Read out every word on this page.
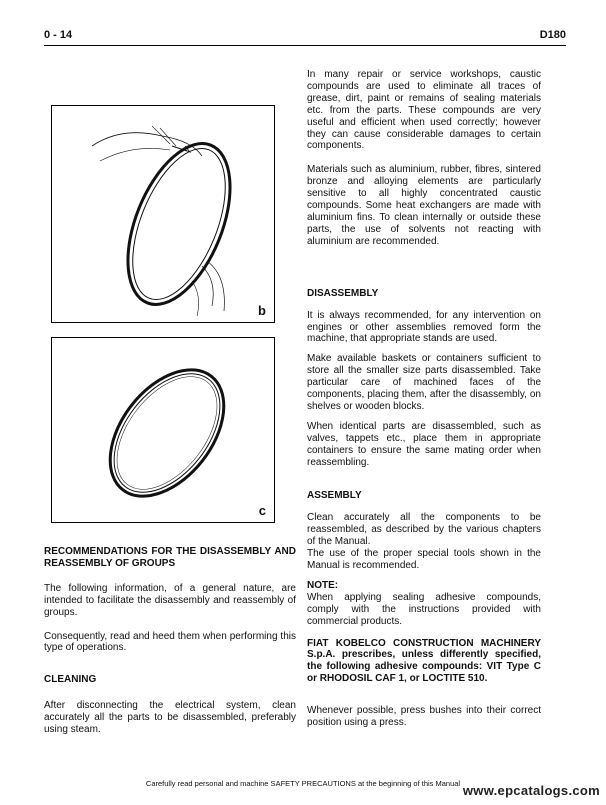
0 - 14	D180
b
c
RECOMMENDATIONS FOR THE DISASSEMBLY AND REASSEMBLY OF GROUPS

The following information, of a general nature, are intended to facilitate the disassembly and reassembly of groups.

Consequently, read and heed them when performing this type of operations.

CLEANING

After disconnecting the electrical system, clean accurately all the parts to be disassembled, preferably using steam.

In many repair or service workshops, caustic compounds are used to eliminate all traces of grease, dirt, paint or remains of sealing materials etc. from the parts. These compounds are very useful and efficient when used correctly; however they can cause considerable damages to certain components.

Materials such as aluminium, rubber, fibres, sintered bronze and alloying elements are particularly sensitive to all highly concentrated caustic compounds. Some heat exchangers are made with aluminium fins. To clean internally or outside these parts, the use of solvents not reacting with aluminium are recommended.

DISASSEMBLY

It is always recommended, for any intervention on engines or other assemblies removed form the machine, that appropriate stands are used.

Make available baskets or containers sufficient to store all the smaller size parts disassembled. Take particular care of machined faces of the components, placing them, after the disassembly, on shelves or wooden blocks.

When identical parts are disassembled, such as valves, tappets etc., place them in appropriate containers to ensure the same mating order when reassembling.

ASSEMBLY

Clean accurately all the components to be reassembled, as described by the various chapters of the Manual.

The use of the proper special tools shown in the Manual is recommended.

NOTE:

When applying sealing adhesive compounds, comply with the instructions provided with commercial products.

FIAT KOBELCO CONSTRUCTION MACHINERY S.p.A. prescribes, unless differently specified, the following adhesive compounds: VIT Type C or RHODOSIL CAF 1, or LOCTITE 510.

Whenever possible, press bushes into their correct position using a press.

Carefully read personal and machine SAFETY PRECAUTIONS at the beginning of this Manual www.epcatalogs.com
